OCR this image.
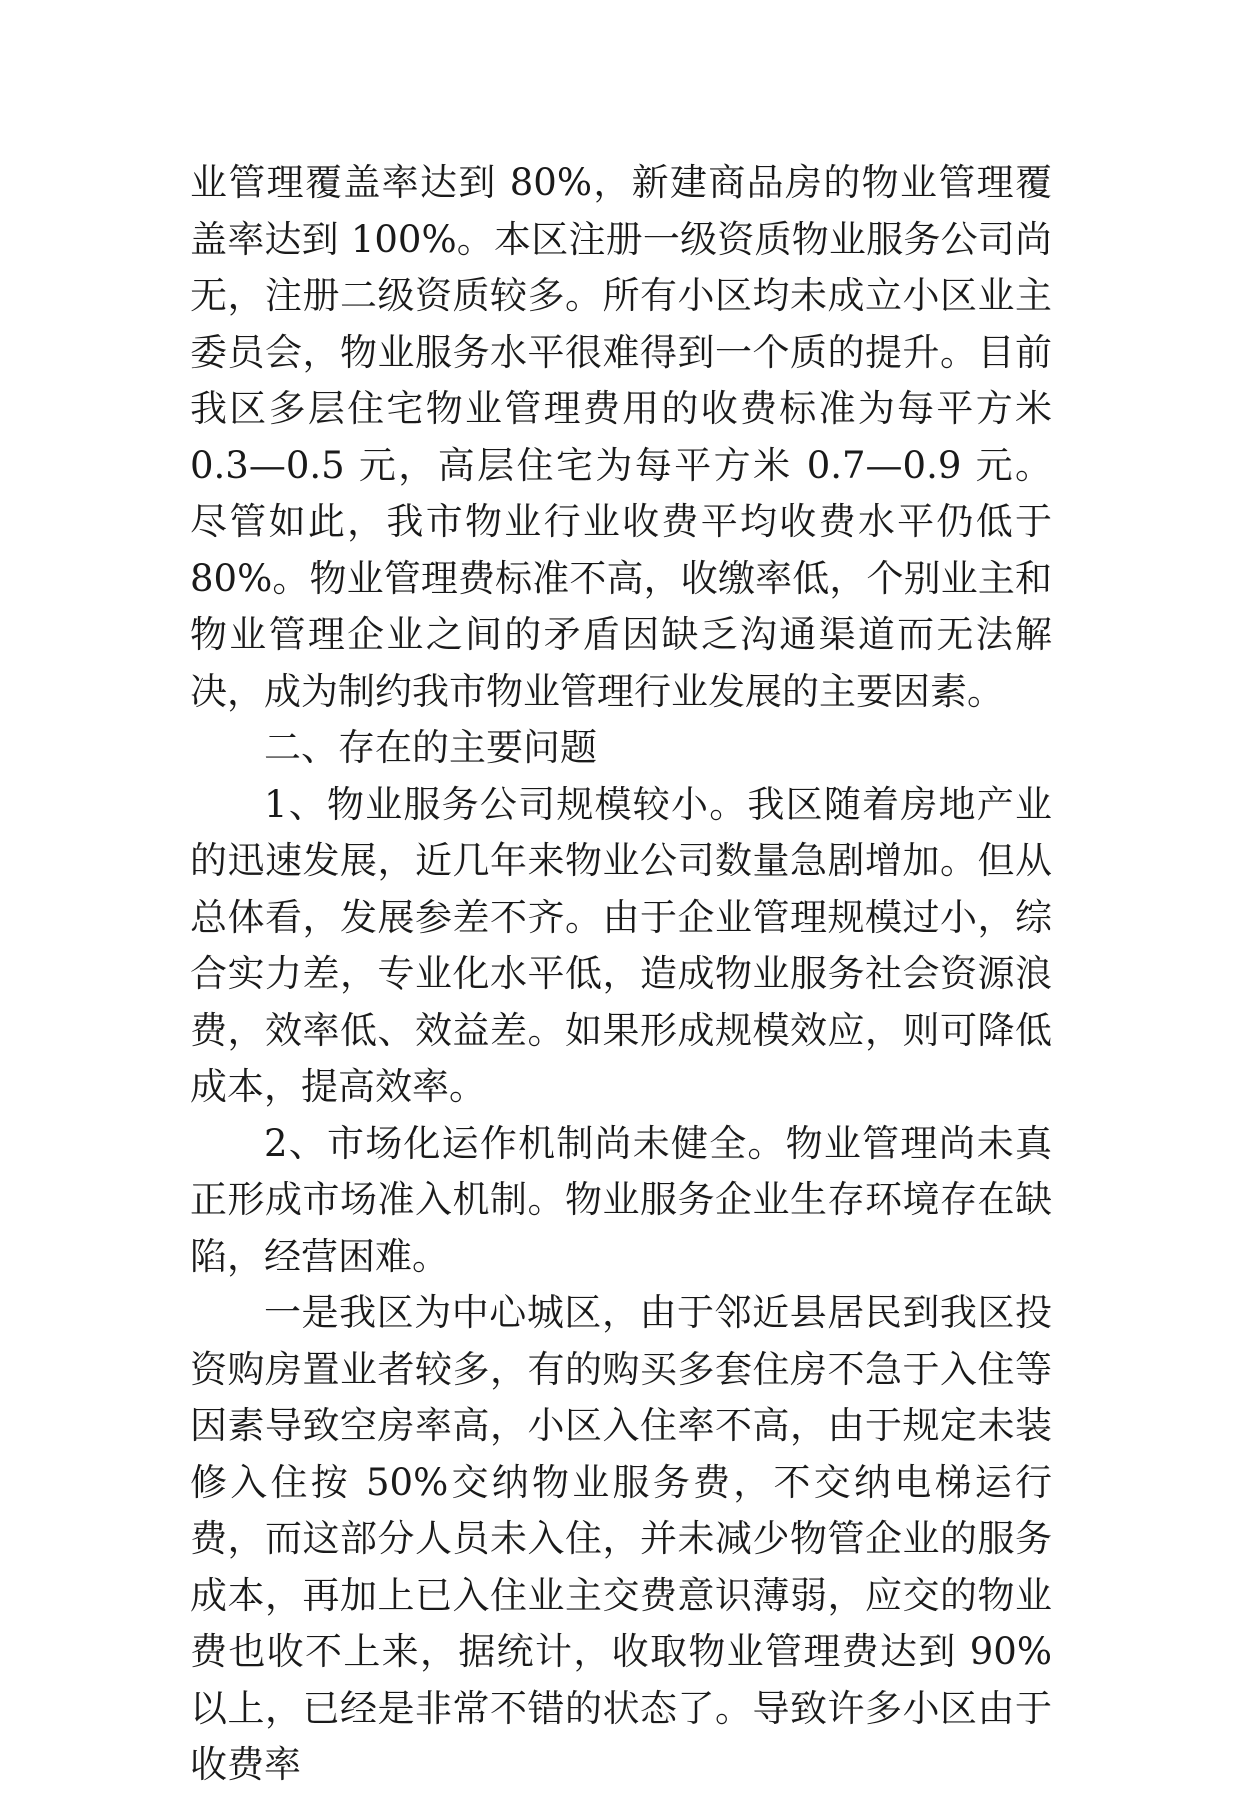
业管理覆盖率达到 80%，新建商品房的物业管理覆盖率达到 100%。本区注册一级资质物业服务公司尚无，注册二级资质较多。所有小区均未成立小区业主委员会，物业服务水平很难得到一个质的提升。目前我区多层住宅物业管理费用的收费标准为每平方米 0.3—0.5 元，高层住宅为每平方米 0.7—0.9 元。尽管如此，我市物业行业收费平均收费水平仍低于 80%。物业管理费标准不高，收缴率低，个别业主和物业管理企业之间的矛盾因缺乏沟通渠道而无法解决，成为制约我市物业管理行业发展的主要因素。

二、存在的主要问题

1、物业服务公司规模较小。我区随着房地产业的迅速发展，近几年来物业公司数量急剧增加。但从总体看，发展参差不齐。由于企业管理规模过小，综合实力差，专业化水平低，造成物业服务社会资源浪费，效率低、效益差。如果形成规模效应，则可降低成本，提高效率。

2、市场化运作机制尚未健全。物业管理尚未真正形成市场准入机制。物业服务企业生存环境存在缺陷，经营困难。

一是我区为中心城区，由于邻近县居民到我区投资购房置业者较多，有的购买多套住房不急于入住等因素导致空房率高，小区入住率不高，由于规定未装修入住按 50%交纳物业服务费，不交纳电梯运行费，而这部分人员未入住，并未减少物管企业的服务成本，再加上已入住业主交费意识薄弱，应交的物业费也收不上来，据统计，收取物业管理费达到 90%以上，已经是非常不错的状态了。导致许多小区由于收费率
